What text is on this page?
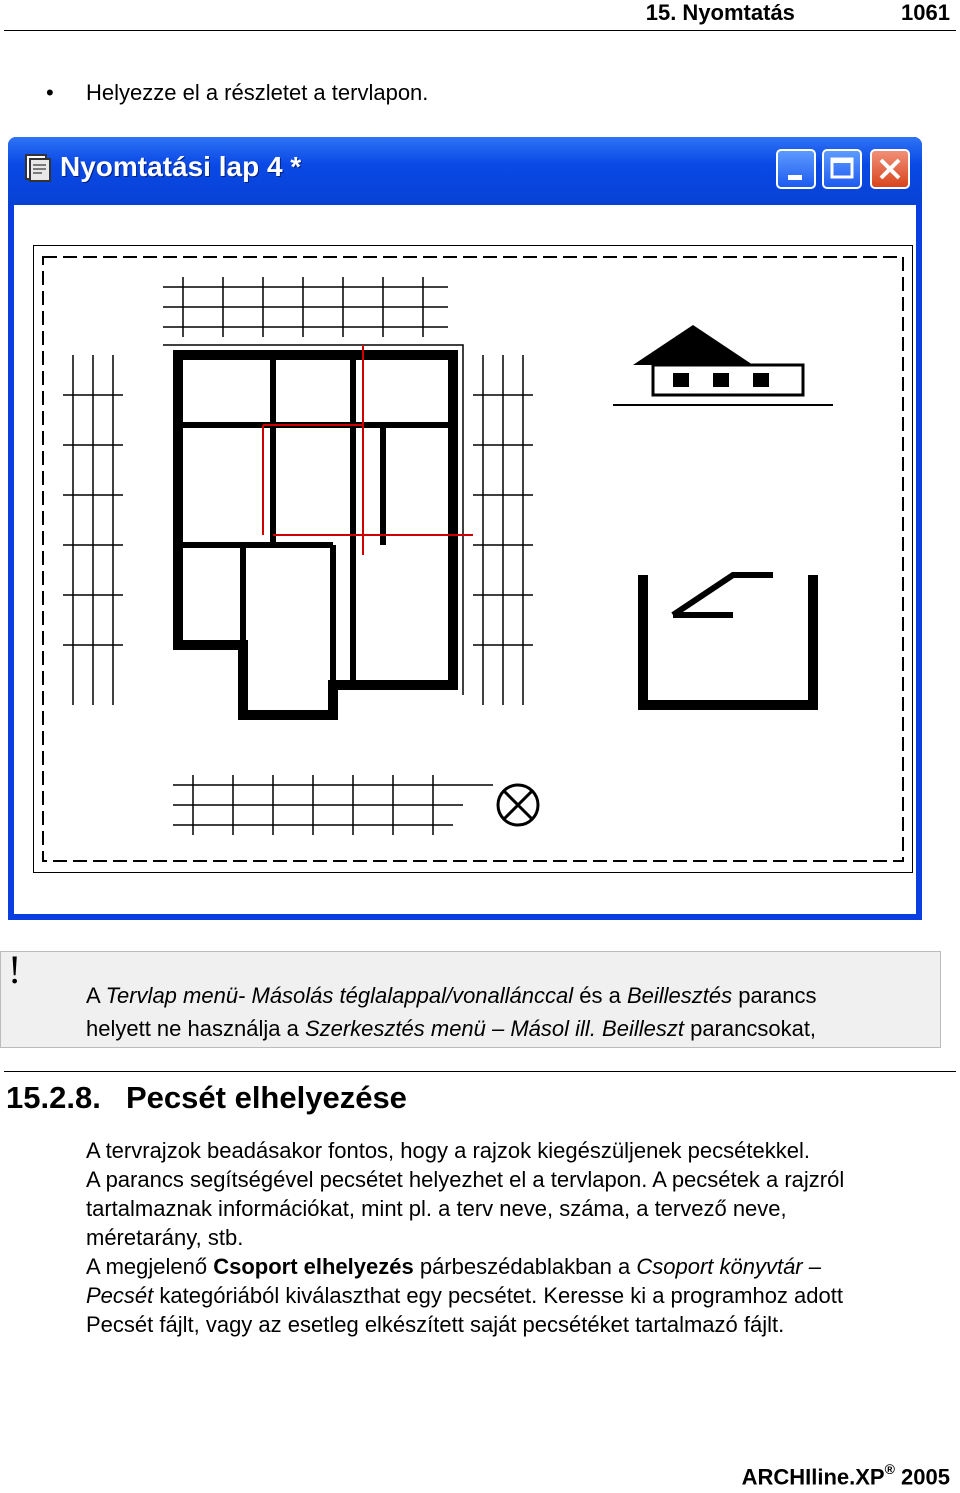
15. Nyomtatás	1061
• Helyezze el a részletet a tervlapon.
Nyomtatási lap 4 *
!
A Tervlap menü- Másolás téglalappal/vonallánccal és a Beillesztés parancs
helyett ne használja a Szerkesztés menü – Másol ill. Beilleszt parancsokat,
15.2.8. Pecsét elhelyezése
A tervrajzok beadásakor fontos, hogy a rajzok kiegészüljenek pecsétekkel.
A parancs segítségével pecsétet helyezhet el a tervlapon. A pecsétek a rajzról
tartalmaznak információkat, mint pl. a terv neve, száma, a tervező neve,
méretarány, stb.
A megjelenő Csoport elhelyezés párbeszédablakban a Csoport könyvtár –
Pecsét kategóriából kiválaszthat egy pecsétet. Keresse ki a programhoz adott
Pecsét fájlt, vagy az esetleg elkészített saját pecsétéket tartalmazó fájlt.
ARCHIline.XP® 2005
